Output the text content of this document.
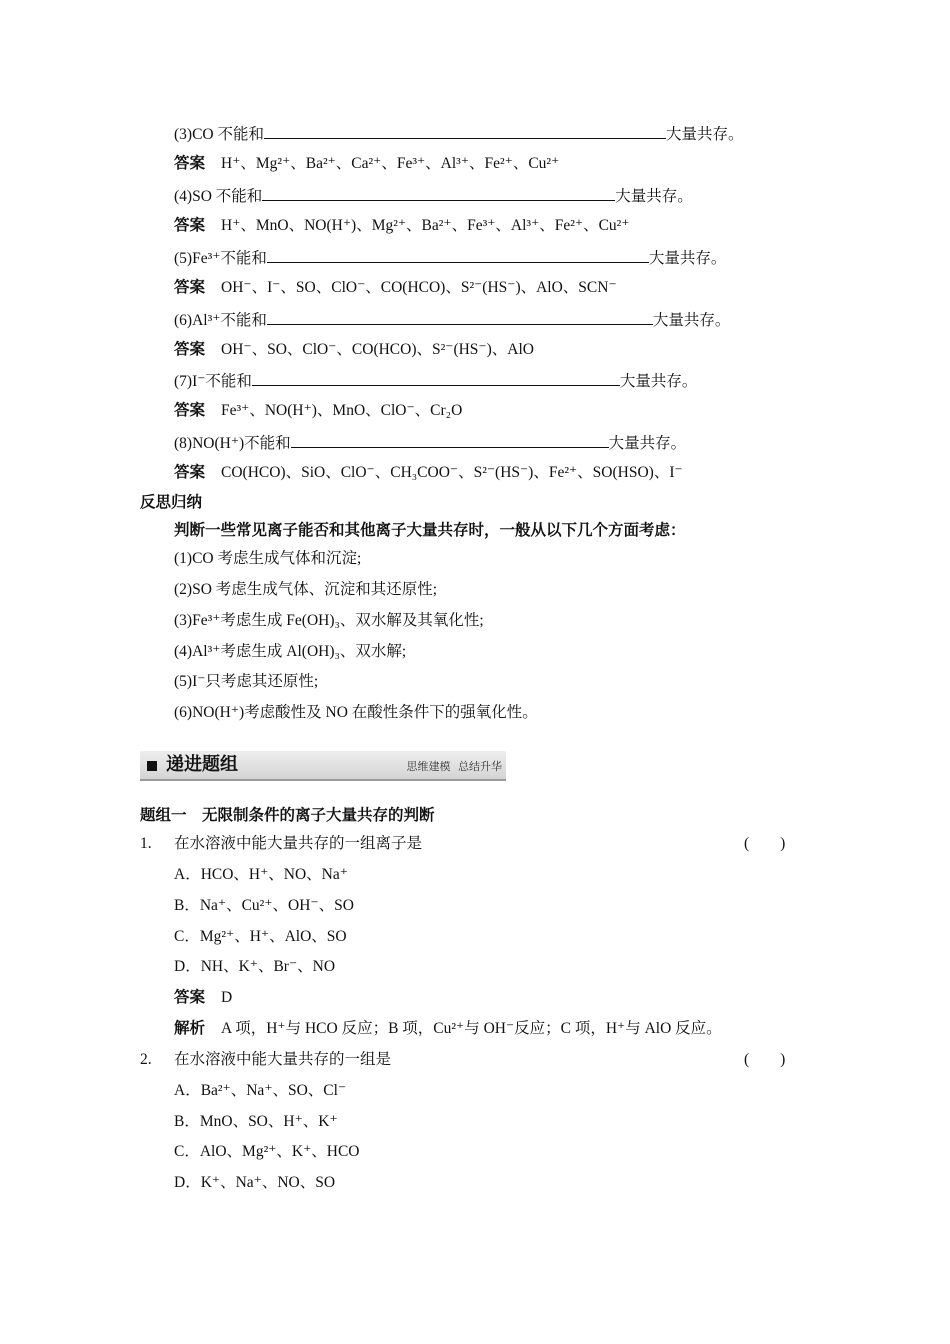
(3)CO 不能和	大量共存。
答案 H⁺、Mg²⁺、Ba²⁺、Ca²⁺、Fe³⁺、Al³⁺、Fe²⁺、Cu²⁺
(4)SO 不能和	大量共存。
答案 H⁺、MnO、NO(H⁺)、Mg²⁺、Ba²⁺、Fe³⁺、Al³⁺、Fe²⁺、Cu²⁺
(5)Fe³⁺不能和	大量共存。
答案 OH⁻、I⁻、SO、ClO⁻、CO(HCO)、S²⁻(HS⁻)、AlO、SCN⁻
(6)Al³⁺不能和	大量共存。
答案 OH⁻、SO、ClO⁻、CO(HCO)、S²⁻(HS⁻)、AlO
(7)I⁻不能和	大量共存。
答案 Fe³⁺、NO(H⁺)、MnO、ClO⁻、Cr₂O
(8)NO(H⁺)不能和	大量共存。
答案 CO(HCO)、SiO、ClO⁻、CH₃COO⁻、S²⁻(HS⁻)、Fe²⁺、SO(HSO)、I⁻
反思归纳
判断一些常见离子能否和其他离子大量共存时，一般从以下几个方面考虑：
(1)CO 考虑生成气体和沉淀;
(2)SO 考虑生成气体、沉淀和其还原性;
(3)Fe³⁺考虑生成 Fe(OH)₃、双水解及其氧化性;
(4)Al³⁺考虑生成 Al(OH)₃、双水解;
(5)I⁻只考虑其还原性;
(6)NO(H⁺)考虑酸性及 NO 在酸性条件下的强氧化性。
递进题组	思维建模 总结升华
题组一　无限制条件的离子大量共存的判断
1. 在水溶液中能大量共存的一组离子是	(　　)
A．HCO、H⁺、NO、Na⁺
B．Na⁺、Cu²⁺、OH⁻、SO
C．Mg²⁺、H⁺、AlO、SO
D．NH、K⁺、Br⁻、NO
答案 D
解析 A 项，H⁺与 HCO 反应；B 项，Cu²⁺与 OH⁻反应；C 项，H⁺与 AlO 反应。
2. 在水溶液中能大量共存的一组是	(　　)
A．Ba²⁺、Na⁺、SO、Cl⁻
B．MnO、SO、H⁺、K⁺
C．AlO、Mg²⁺、K⁺、HCO
D．K⁺、Na⁺、NO、SO
